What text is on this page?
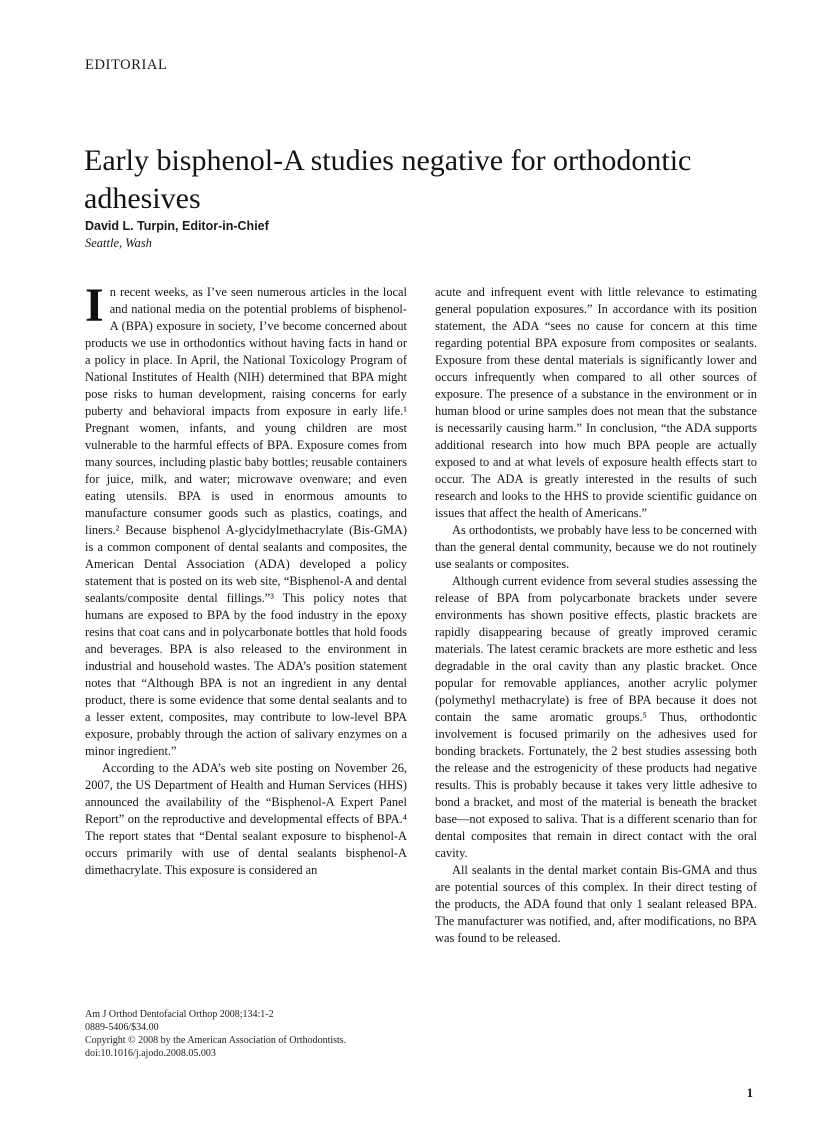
EDITORIAL
Early bisphenol-A studies negative for orthodontic adhesives
David L. Turpin, Editor-in-Chief
Seattle, Wash

In recent weeks, as I’ve seen numerous articles in the local and national media on the potential problems of bisphenol-A (BPA) exposure in society, I’ve become concerned about products we use in orthodontics without having facts in hand or a policy in place. In April, the National Toxicology Program of National Institutes of Health (NIH) determined that BPA might pose risks to human development, raising concerns for early puberty and behavioral impacts from exposure in early life.¹ Pregnant women, infants, and young children are most vulnerable to the harmful effects of BPA. Exposure comes from many sources, including plastic baby bottles; reusable containers for juice, milk, and water; microwave ovenware; and even eating utensils. BPA is used in enormous amounts to manufacture consumer goods such as plastics, coatings, and liners.² Because bisphenol A-glycidylmethacrylate (Bis-GMA) is a common component of dental sealants and composites, the American Dental Association (ADA) developed a policy statement that is posted on its web site, “Bisphenol-A and dental sealants/composite dental fillings.”³ This policy notes that humans are exposed to BPA by the food industry in the epoxy resins that coat cans and in polycarbonate bottles that hold foods and beverages. BPA is also released to the environment in industrial and household wastes. The ADA’s position statement notes that “Although BPA is not an ingredient in any dental product, there is some evidence that some dental sealants and to a lesser extent, composites, may contribute to low-level BPA exposure, probably through the action of salivary enzymes on a minor ingredient.”

According to the ADA’s web site posting on November 26, 2007, the US Department of Health and Human Services (HHS) announced the availability of the “Bisphenol-A Expert Panel Report” on the reproductive and developmental effects of BPA.⁴ The report states that “Dental sealant exposure to bisphenol-A occurs primarily with use of dental sealants bisphenol-A dimethacrylate. This exposure is considered an

acute and infrequent event with little relevance to estimating general population exposures.” In accordance with its position statement, the ADA “sees no cause for concern at this time regarding potential BPA exposure from composites or sealants. Exposure from these dental materials is significantly lower and occurs infrequently when compared to all other sources of exposure. The presence of a substance in the environment or in human blood or urine samples does not mean that the substance is necessarily causing harm.” In conclusion, “the ADA supports additional research into how much BPA people are actually exposed to and at what levels of exposure health effects start to occur. The ADA is greatly interested in the results of such research and looks to the HHS to provide scientific guidance on issues that affect the health of Americans.”

As orthodontists, we probably have less to be concerned with than the general dental community, because we do not routinely use sealants or composites.

Although current evidence from several studies assessing the release of BPA from polycarbonate brackets under severe environments has shown positive effects, plastic brackets are rapidly disappearing because of greatly improved ceramic materials. The latest ceramic brackets are more esthetic and less degradable in the oral cavity than any plastic bracket. Once popular for removable appliances, another acrylic polymer (polymethyl methacrylate) is free of BPA because it does not contain the same aromatic groups.⁵ Thus, orthodontic involvement is focused primarily on the adhesives used for bonding brackets. Fortunately, the 2 best studies assessing both the release and the estrogenicity of these products had negative results. This is probably because it takes very little adhesive to bond a bracket, and most of the material is beneath the bracket base—not exposed to saliva. That is a different scenario than for dental composites that remain in direct contact with the oral cavity.

All sealants in the dental market contain Bis-GMA and thus are potential sources of this complex. In their direct testing of the products, the ADA found that only 1 sealant released BPA. The manufacturer was notified, and, after modifications, no BPA was found to be released.

Am J Orthod Dentofacial Orthop 2008;134:1-2
0889-5406/$34.00
Copyright © 2008 by the American Association of Orthodontists.
doi:10.1016/j.ajodo.2008.05.003
1
